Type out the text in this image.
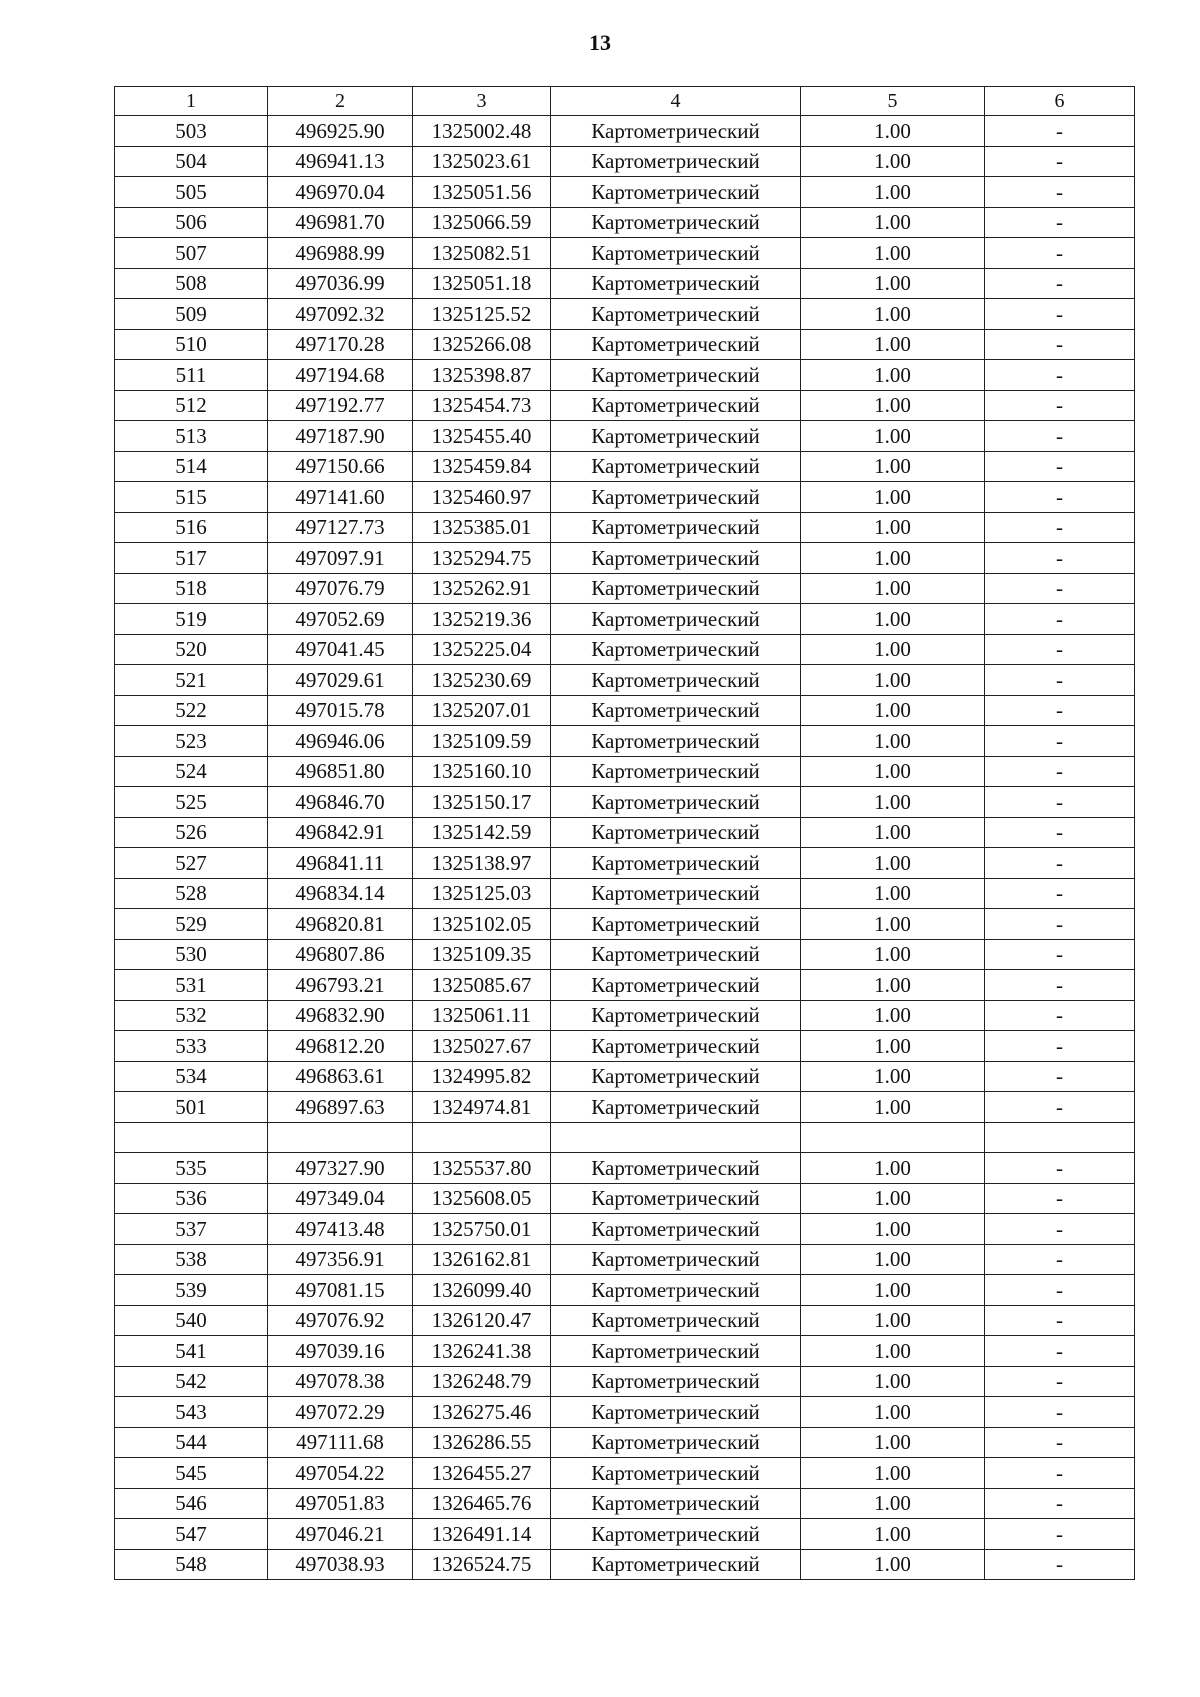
13
1	2	3	4	5	6
503	496925.90	1325002.48	Картометрический	1.00	-
504	496941.13	1325023.61	Картометрический	1.00	-
505	496970.04	1325051.56	Картометрический	1.00	-
506	496981.70	1325066.59	Картометрический	1.00	-
507	496988.99	1325082.51	Картометрический	1.00	-
508	497036.99	1325051.18	Картометрический	1.00	-
509	497092.32	1325125.52	Картометрический	1.00	-
510	497170.28	1325266.08	Картометрический	1.00	-
511	497194.68	1325398.87	Картометрический	1.00	-
512	497192.77	1325454.73	Картометрический	1.00	-
513	497187.90	1325455.40	Картометрический	1.00	-
514	497150.66	1325459.84	Картометрический	1.00	-
515	497141.60	1325460.97	Картометрический	1.00	-
516	497127.73	1325385.01	Картометрический	1.00	-
517	497097.91	1325294.75	Картометрический	1.00	-
518	497076.79	1325262.91	Картометрический	1.00	-
519	497052.69	1325219.36	Картометрический	1.00	-
520	497041.45	1325225.04	Картометрический	1.00	-
521	497029.61	1325230.69	Картометрический	1.00	-
522	497015.78	1325207.01	Картометрический	1.00	-
523	496946.06	1325109.59	Картометрический	1.00	-
524	496851.80	1325160.10	Картометрический	1.00	-
525	496846.70	1325150.17	Картометрический	1.00	-
526	496842.91	1325142.59	Картометрический	1.00	-
527	496841.11	1325138.97	Картометрический	1.00	-
528	496834.14	1325125.03	Картометрический	1.00	-
529	496820.81	1325102.05	Картометрический	1.00	-
530	496807.86	1325109.35	Картометрический	1.00	-
531	496793.21	1325085.67	Картометрический	1.00	-
532	496832.90	1325061.11	Картометрический	1.00	-
533	496812.20	1325027.67	Картометрический	1.00	-
534	496863.61	1324995.82	Картометрический	1.00	-
501	496897.63	1324974.81	Картометрический	1.00	-

535	497327.90	1325537.80	Картометрический	1.00	-
536	497349.04	1325608.05	Картометрический	1.00	-
537	497413.48	1325750.01	Картометрический	1.00	-
538	497356.91	1326162.81	Картометрический	1.00	-
539	497081.15	1326099.40	Картометрический	1.00	-
540	497076.92	1326120.47	Картометрический	1.00	-
541	497039.16	1326241.38	Картометрический	1.00	-
542	497078.38	1326248.79	Картометрический	1.00	-
543	497072.29	1326275.46	Картометрический	1.00	-
544	497111.68	1326286.55	Картометрический	1.00	-
545	497054.22	1326455.27	Картометрический	1.00	-
546	497051.83	1326465.76	Картометрический	1.00	-
547	497046.21	1326491.14	Картометрический	1.00	-
548	497038.93	1326524.75	Картометрический	1.00	-
